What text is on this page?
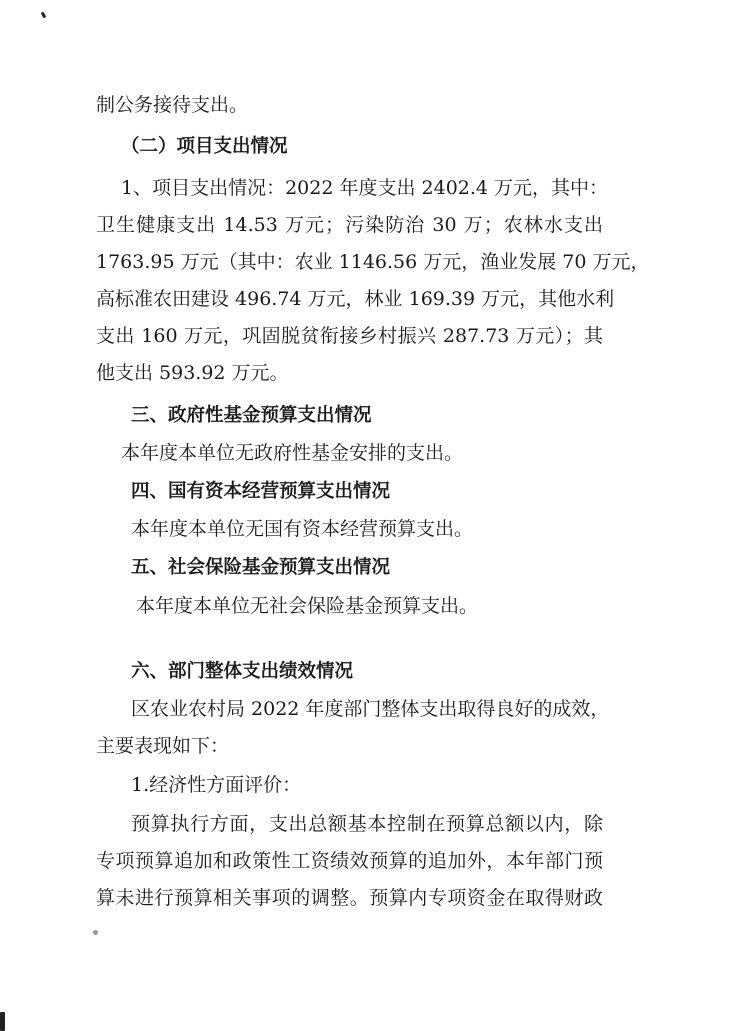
制公务接待支出。
（二）项目支出情况
1、项目支出情况：2022 年度支出 2402.4 万元，其中：
卫生健康支出 14.53 万元；污染防治 30 万；农林水支出
1763.95 万元（其中：农业 1146.56 万元，渔业发展 70 万元，
高标准农田建设 496.74 万元，林业 169.39 万元，其他水利
支出 160 万元，巩固脱贫衔接乡村振兴 287.73 万元）；其
他支出 593.92 万元。
三、政府性基金预算支出情况
本年度本单位无政府性基金安排的支出。
四、国有资本经营预算支出情况
本年度本单位无国有资本经营预算支出。
五、社会保险基金预算支出情况
本年度本单位无社会保险基金预算支出。
六、部门整体支出绩效情况
区农业农村局 2022 年度部门整体支出取得良好的成效，
主要表现如下：
1.经济性方面评价：
预算执行方面，支出总额基本控制在预算总额以内，除
专项预算追加和政策性工资绩效预算的追加外，本年部门预
算未进行预算相关事项的调整。预算内专项资金在取得财政
